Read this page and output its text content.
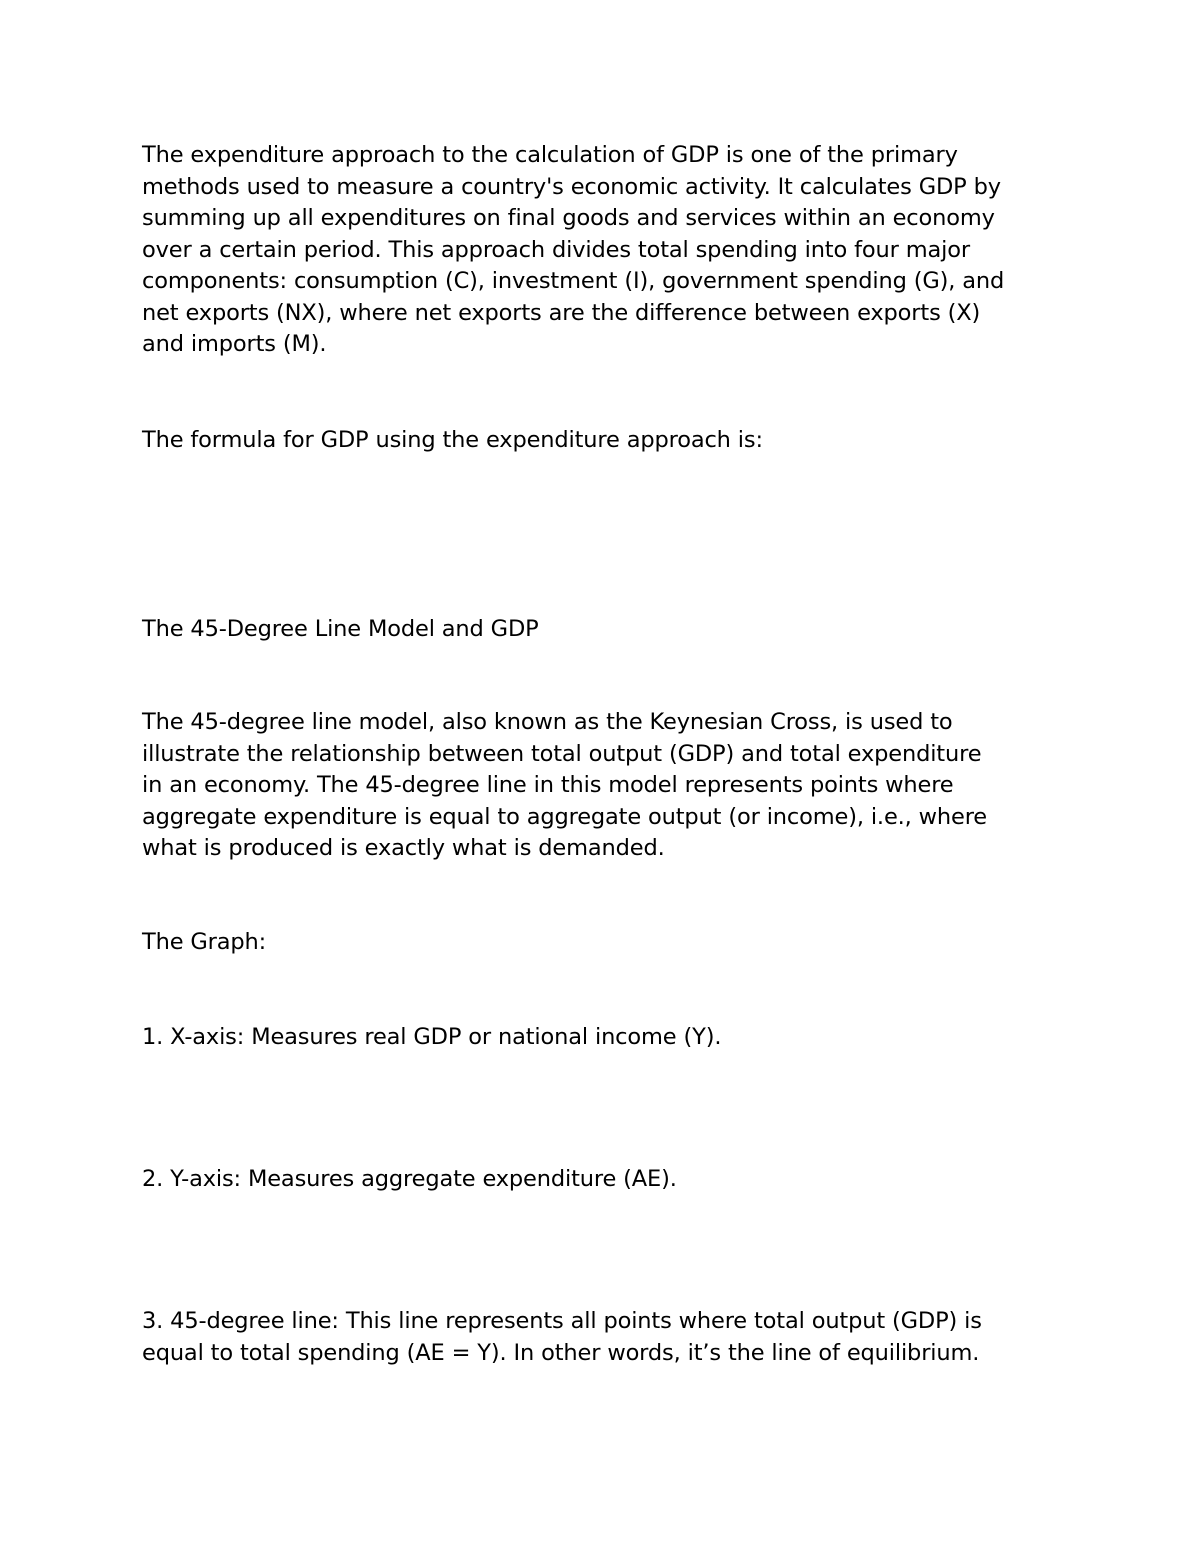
The expenditure approach to the calculation of GDP is one of the primary
methods used to measure a country's economic activity. It calculates GDP by
summing up all expenditures on final goods and services within an economy
over a certain period. This approach divides total spending into four major
components: consumption (C), investment (I), government spending (G), and
net exports (NX), where net exports are the difference between exports (X)
and imports (M).

The formula for GDP using the expenditure approach is:

The 45-Degree Line Model and GDP

The 45-degree line model, also known as the Keynesian Cross, is used to
illustrate the relationship between total output (GDP) and total expenditure
in an economy. The 45-degree line in this model represents points where
aggregate expenditure is equal to aggregate output (or income), i.e., where
what is produced is exactly what is demanded.

The Graph:

1. X-axis: Measures real GDP or national income (Y).

2. Y-axis: Measures aggregate expenditure (AE).

3. 45-degree line: This line represents all points where total output (GDP) is
equal to total spending (AE = Y). In other words, it’s the line of equilibrium.
